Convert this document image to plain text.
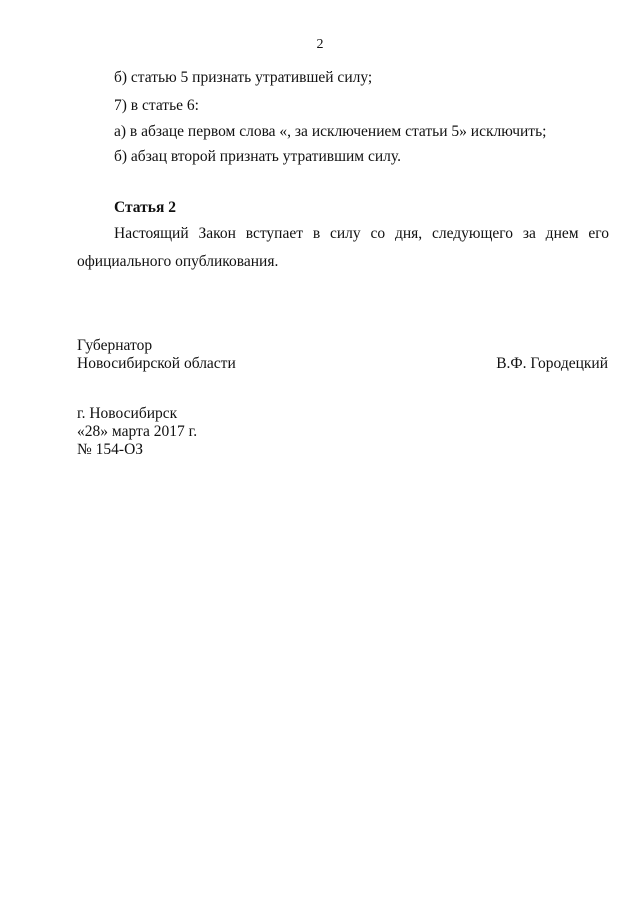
2
б) статью 5 признать утратившей силу;
7) в статье 6:
а) в абзаце первом слова «, за исключением статьи 5» исключить;
б) абзац второй признать утратившим силу.
Статья 2
Настоящий Закон вступает в силу со дня, следующего за днем его
официального опубликования.
Губернатор
Новосибирской области	В.Ф. Городецкий
г. Новосибирск
«28» марта 2017 г.
№ 154-ОЗ
